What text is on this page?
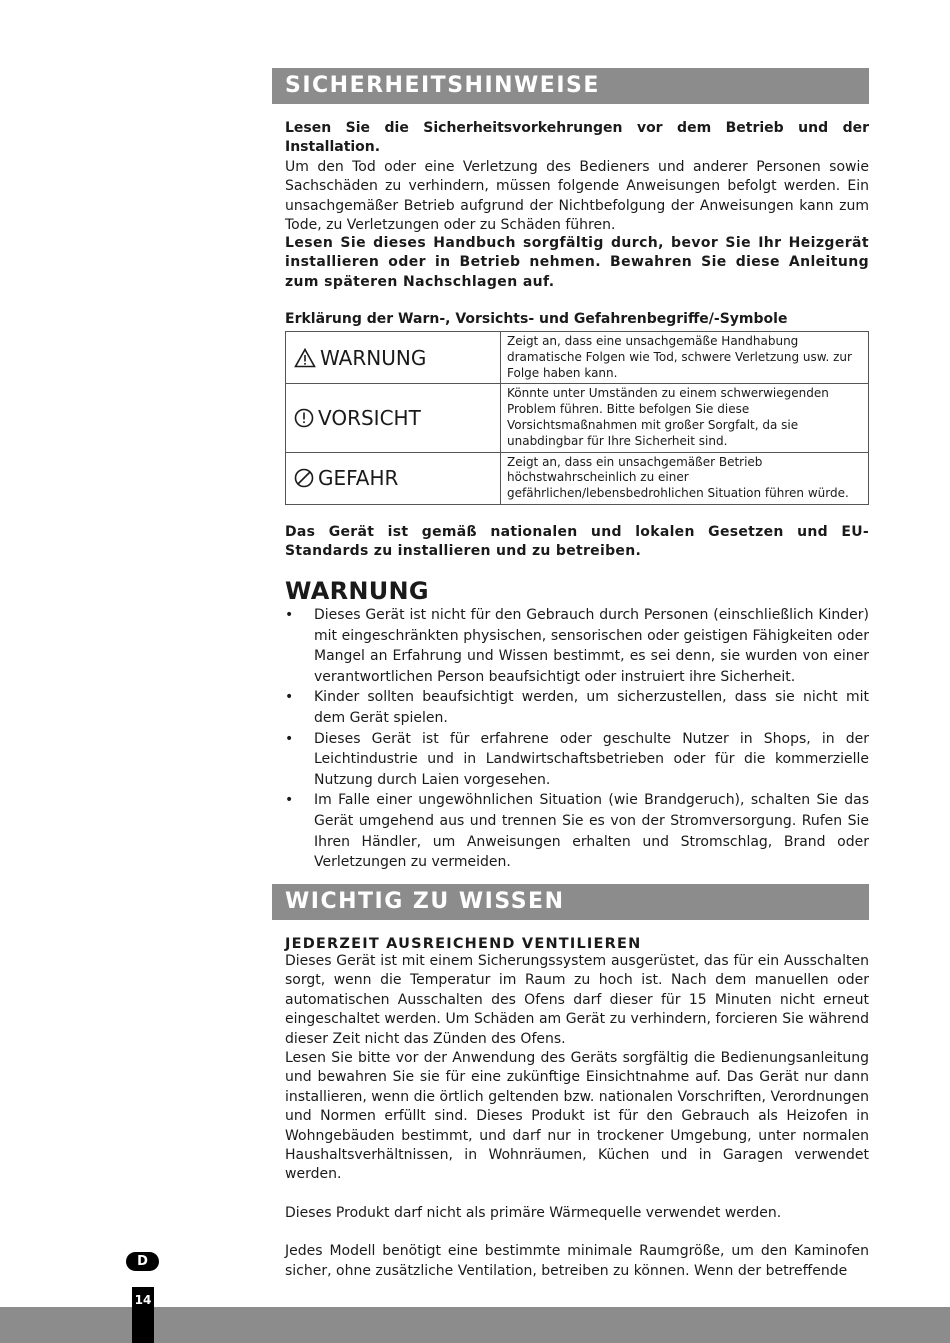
SICHERHEITSHINWEISE

Lesen Sie die Sicherheitsvorkehrungen vor dem Betrieb und der Installation.

Um den Tod oder eine Verletzung des Bedieners und anderer Personen sowie Sachschäden zu verhindern, müssen folgende Anweisungen befolgt werden. Ein unsachgemäßer Betrieb aufgrund der Nichtbefolgung der Anweisungen kann zum Tode, zu Verletzungen oder zu Schäden führen.

Lesen Sie dieses Handbuch sorgfältig durch, bevor Sie Ihr Heizgerät installieren oder in Betrieb nehmen. Bewahren Sie diese Anleitung zum späteren Nachschlagen auf.

Erklärung der Warn-, Vorsichts- und Gefahrenbegriffe/-Symbole

WARNUNG	Zeigt an, dass eine unsachgemäße Handhabung dramatische Folgen wie Tod, schwere Verletzung usw. zur Folge haben kann.
VORSICHT	Könnte unter Umständen zu einem schwerwiegenden Problem führen. Bitte befolgen Sie diese Vorsichtsmaßnahmen mit großer Sorgfalt, da sie unabdingbar für Ihre Sicherheit sind.
GEFAHR	Zeigt an, dass ein unsachgemäßer Betrieb höchstwahrscheinlich zu einer gefährlichen/lebensbedrohlichen Situation führen würde.

Das Gerät ist gemäß nationalen und lokalen Gesetzen und EU-Standards zu installieren und zu betreiben.

WARNUNG

• Dieses Gerät ist nicht für den Gebrauch durch Personen (einschließlich Kinder) mit eingeschränkten physischen, sensorischen oder geistigen Fähigkeiten oder Mangel an Erfahrung und Wissen bestimmt, es sei denn, sie wurden von einer verantwortlichen Person beaufsichtigt oder instruiert ihre Sicherheit.
• Kinder sollten beaufsichtigt werden, um sicherzustellen, dass sie nicht mit dem Gerät spielen.
• Dieses Gerät ist für erfahrene oder geschulte Nutzer in Shops, in der Leichtindustrie und in Landwirtschaftsbetrieben oder für die kommerzielle Nutzung durch Laien vorgesehen.
• Im Falle einer ungewöhnlichen Situation (wie Brandgeruch), schalten Sie das Gerät umgehend aus und trennen Sie es von der Stromversorgung. Rufen Sie Ihren Händler, um Anweisungen erhalten und Stromschlag, Brand oder Verletzungen zu vermeiden.
WICHTIG ZU WISSEN

JEDERZEIT AUSREICHEND VENTILIEREN

Dieses Gerät ist mit einem Sicherungssystem ausgerüstet, das für ein Ausschalten sorgt, wenn die Temperatur im Raum zu hoch ist. Nach dem manuellen oder automatischen Ausschalten des Ofens darf dieser für 15 Minuten nicht erneut eingeschaltet werden. Um Schäden am Gerät zu verhindern, forcieren Sie während dieser Zeit nicht das Zünden des Ofens.

Lesen Sie bitte vor der Anwendung des Geräts sorgfältig die Bedienungsanleitung und bewahren Sie sie für eine zukünftige Einsichtnahme auf. Das Gerät nur dann installieren, wenn die örtlich geltenden bzw. nationalen Vorschriften, Verordnungen und Normen erfüllt sind. Dieses Produkt ist für den Gebrauch als Heizofen in Wohngebäuden bestimmt, und darf nur in trockener Umgebung, unter normalen Haushaltsverhältnissen, in Wohnräumen, Küchen und in Garagen verwendet werden.

Dieses Produkt darf nicht als primäre Wärmequelle verwendet werden.

Jedes Modell benötigt eine bestimmte minimale Raumgröße, um den Kaminofen sicher, ohne zusätzliche Ventilation, betreiben zu können. Wenn der betreffende

D
14
